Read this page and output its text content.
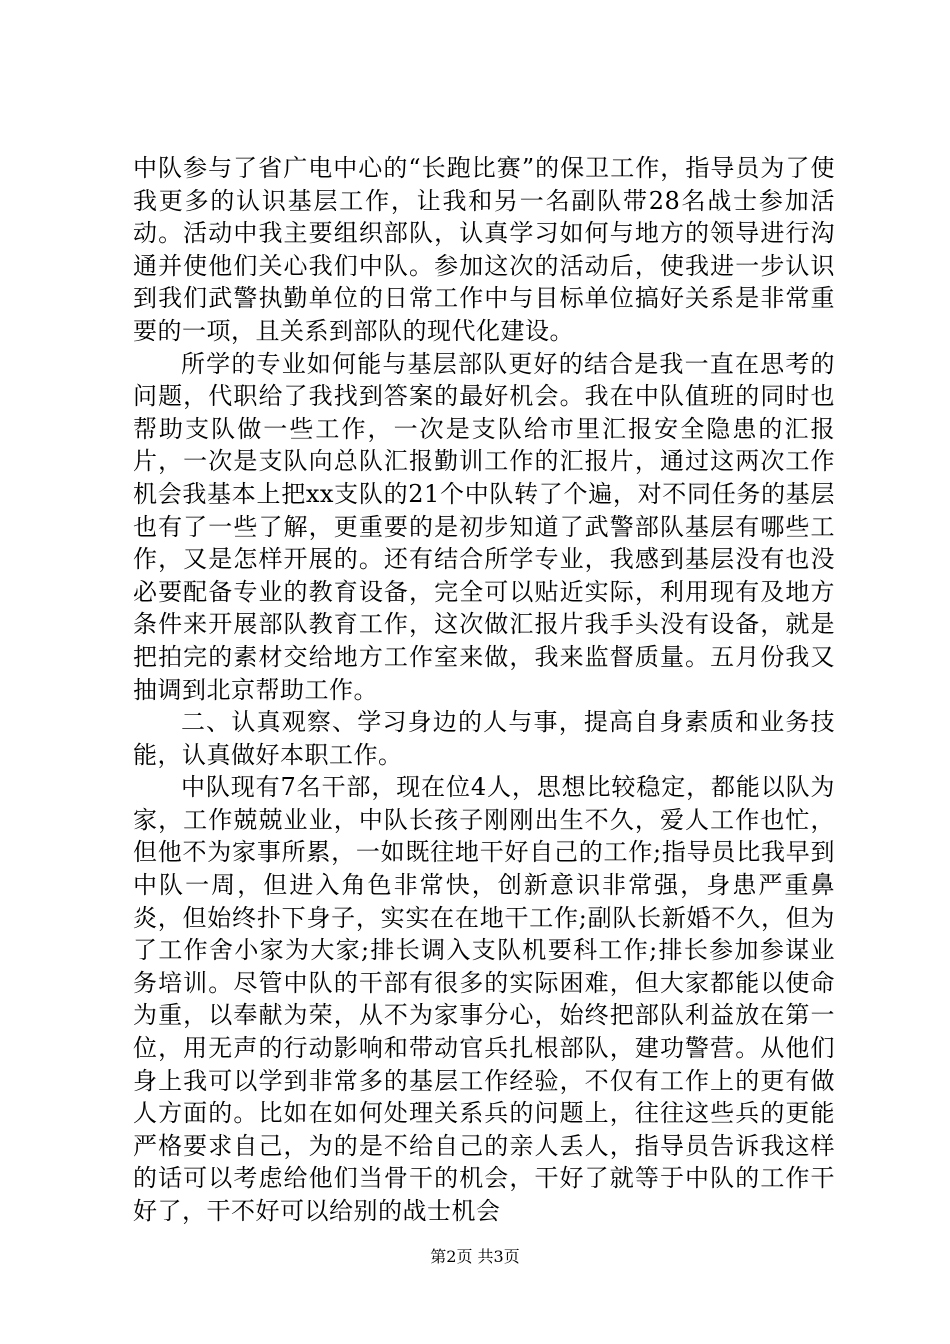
中队参与了省广电中心的“长跑比赛”的保卫工作，指导员为了使我更多的认识基层工作，让我和另一名副队带28名战士参加活动。活动中我主要组织部队，认真学习如何与地方的领导进行沟通并使他们关心我们中队。参加这次的活动后，使我进一步认识到我们武警执勤单位的日常工作中与目标单位搞好关系是非常重要的一项，且关系到部队的现代化建设。

所学的专业如何能与基层部队更好的结合是我一直在思考的问题，代职给了我找到答案的最好机会。我在中队值班的同时也帮助支队做一些工作，一次是支队给市里汇报安全隐患的汇报片，一次是支队向总队汇报勤训工作的汇报片，通过这两次工作机会我基本上把xx支队的21个中队转了个遍，对不同任务的基层也有了一些了解，更重要的是初步知道了武警部队基层有哪些工作，又是怎样开展的。还有结合所学专业，我感到基层没有也没必要配备专业的教育设备，完全可以贴近实际，利用现有及地方条件来开展部队教育工作，这次做汇报片我手头没有设备，就是把拍完的素材交给地方工作室来做，我来监督质量。五月份我又抽调到北京帮助工作。

二、认真观察、学习身边的人与事，提高自身素质和业务技能，认真做好本职工作。

中队现有7名干部，现在位4人，思想比较稳定，都能以队为家，工作兢兢业业，中队长孩子刚刚出生不久，爱人工作也忙，但他不为家事所累，一如既往地干好自己的工作;指导员比我早到中队一周，但进入角色非常快，创新意识非常强，身患严重鼻炎，但始终扑下身子，实实在在地干工作;副队长新婚不久，但为了工作舍小家为大家;排长调入支队机要科工作;排长参加参谋业务培训。尽管中队的干部有很多的实际困难，但大家都能以使命为重，以奉献为荣，从不为家事分心，始终把部队利益放在第一位，用无声的行动影响和带动官兵扎根部队，建功警营。从他们身上我可以学到非常多的基层工作经验，不仅有工作上的更有做人方面的。比如在如何处理关系兵的问题上，往往这些兵的更能严格要求自己，为的是不给自己的亲人丢人，指导员告诉我这样的话可以考虑给他们当骨干的机会，干好了就等于中队的工作干好了，干不好可以给别的战士机会

第2页 共3页
